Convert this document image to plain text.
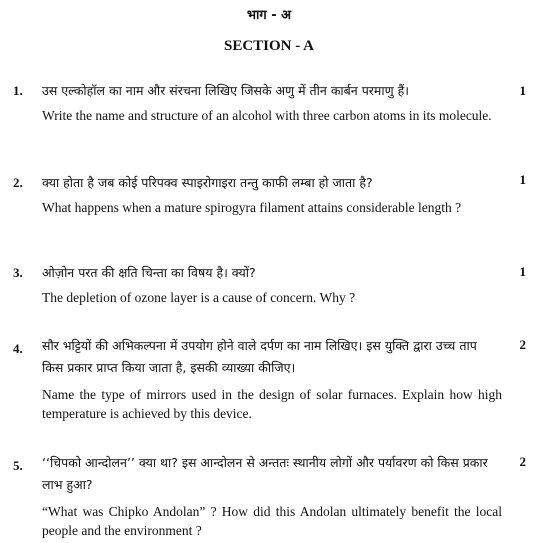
भाग - अ
SECTION - A
1.	1
उस एल्कोहॉल का नाम और संरचना लिखिए जिसके अणु में तीन कार्बन परमाणु हैं।
Write the name and structure of an alcohol with three carbon atoms in its molecule.
2.	1
क्या होता है जब कोई परिपक्व स्पाइरोगाइरा तन्तु काफी लम्बा हो जाता है?
What happens when a mature spirogyra filament attains considerable length ?
3.	1
ओज़ोन परत की क्षति चिन्ता का विषय है। क्यों?
The depletion of ozone layer is a cause of concern. Why ?
4.	2
सौर भट्टियों की अभिकल्पना में उपयोग होने वाले दर्पण का नाम लिखिए। इस युक्ति द्वारा उच्च ताप किस प्रकार प्राप्त किया जाता है, इसकी व्याख्या कीजिए।
Name the type of mirrors used in the design of solar furnaces. Explain how high temperature is achieved by this device.
5.	2
‘‘चिपको आन्दोलन’’ क्या था? इस आन्दोलन से अन्ततः स्थानीय लोगों और पर्यावरण को किस प्रकार लाभ हुआ?
“What was Chipko Andolan” ? How did this Andolan ultimately benefit the local people and the environment ?
